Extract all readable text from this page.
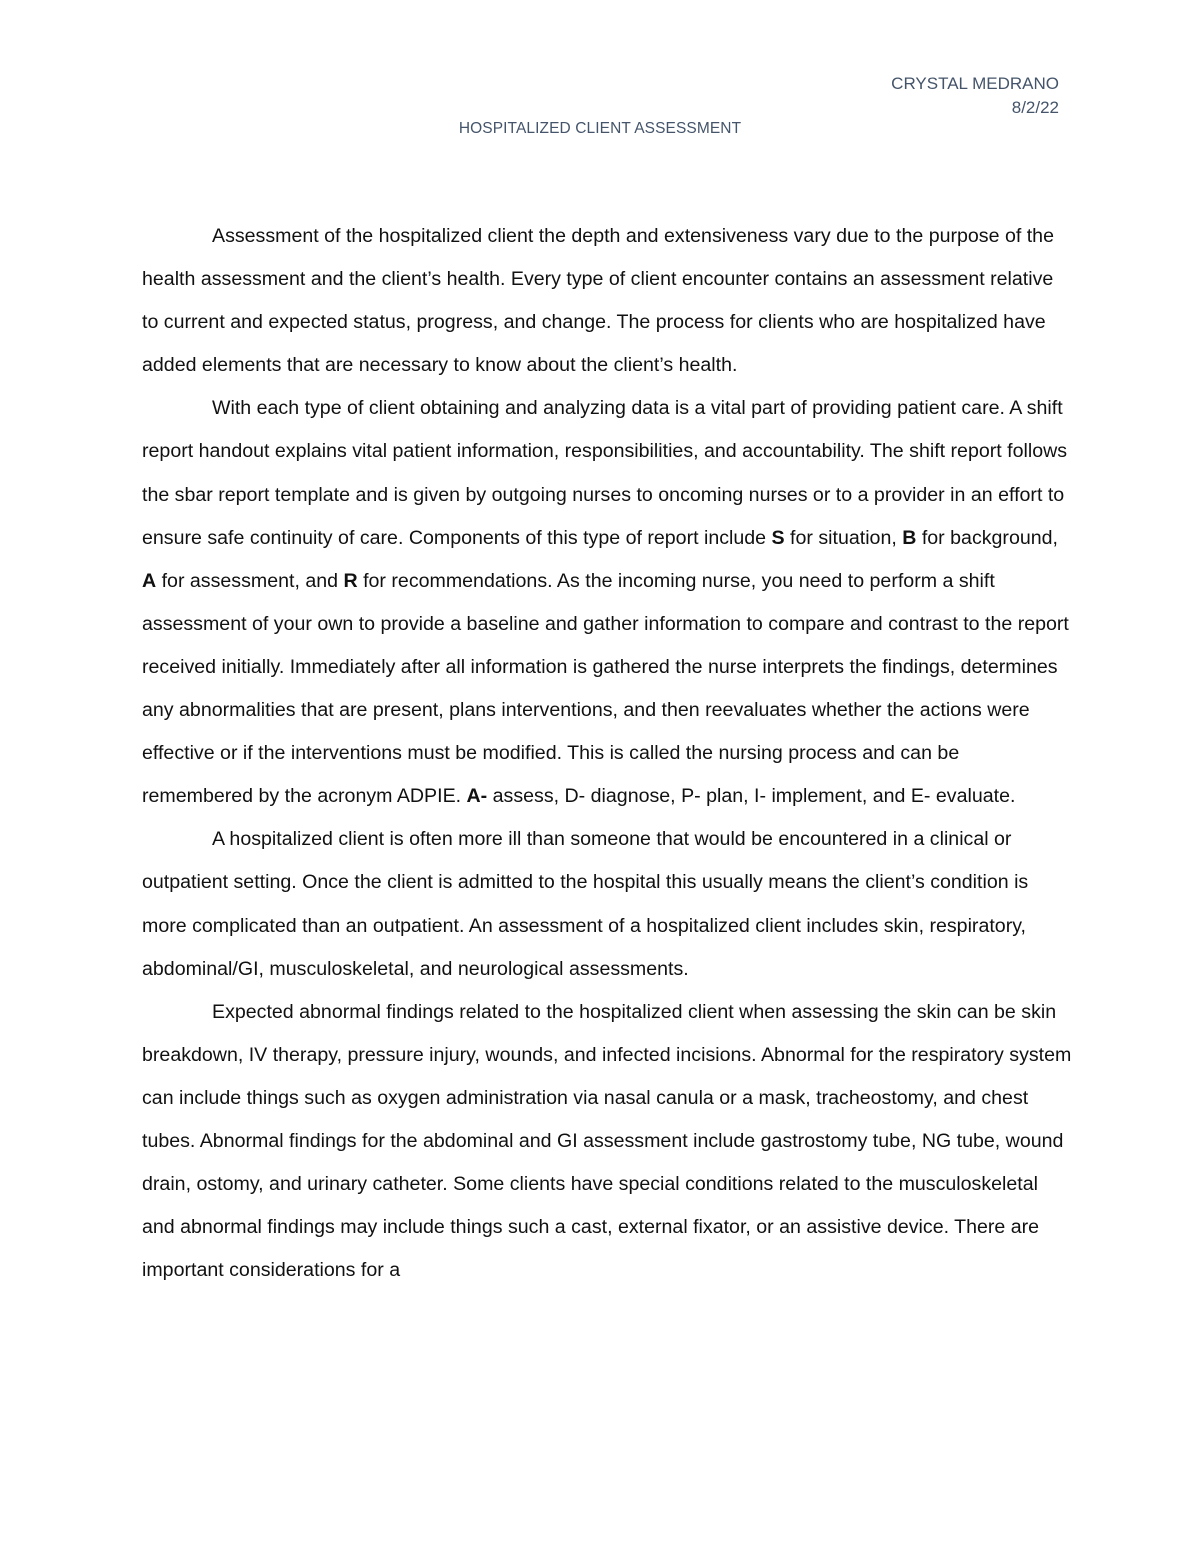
CRYSTAL MEDRANO
8/2/22
HOSPITALIZED CLIENT ASSESSMENT

Assessment of the hospitalized client the depth and extensiveness vary due to the purpose of the health assessment and the client’s health. Every type of client encounter contains an assessment relative to current and expected status, progress, and change. The process for clients who are hospitalized have added elements that are necessary to know about the client’s health.

With each type of client obtaining and analyzing data is a vital part of providing patient care. A shift report handout explains vital patient information, responsibilities, and accountability. The shift report follows the sbar report template and is given by outgoing nurses to oncoming nurses or to a provider in an effort to ensure safe continuity of care. Components of this type of report include S for situation, B for background, A for assessment, and R for recommendations. As the incoming nurse, you need to perform a shift assessment of your own to provide a baseline and gather information to compare and contrast to the report received initially. Immediately after all information is gathered the nurse interprets the findings, determines any abnormalities that are present, plans interventions, and then reevaluates whether the actions were effective or if the interventions must be modified. This is called the nursing process and can be remembered by the acronym ADPIE. A- assess, D- diagnose, P- plan, I- implement, and E- evaluate.

A hospitalized client is often more ill than someone that would be encountered in a clinical or outpatient setting. Once the client is admitted to the hospital this usually means the client’s condition is more complicated than an outpatient. An assessment of a hospitalized client includes skin, respiratory, abdominal/GI, musculoskeletal, and neurological assessments.

Expected abnormal findings related to the hospitalized client when assessing the skin can be skin breakdown, IV therapy, pressure injury, wounds, and infected incisions. Abnormal for the respiratory system can include things such as oxygen administration via nasal canula or a mask, tracheostomy, and chest tubes. Abnormal findings for the abdominal and GI assessment include gastrostomy tube, NG tube, wound drain, ostomy, and urinary catheter. Some clients have special conditions related to the musculoskeletal and abnormal findings may include things such a cast, external fixator, or an assistive device. There are important considerations for a
